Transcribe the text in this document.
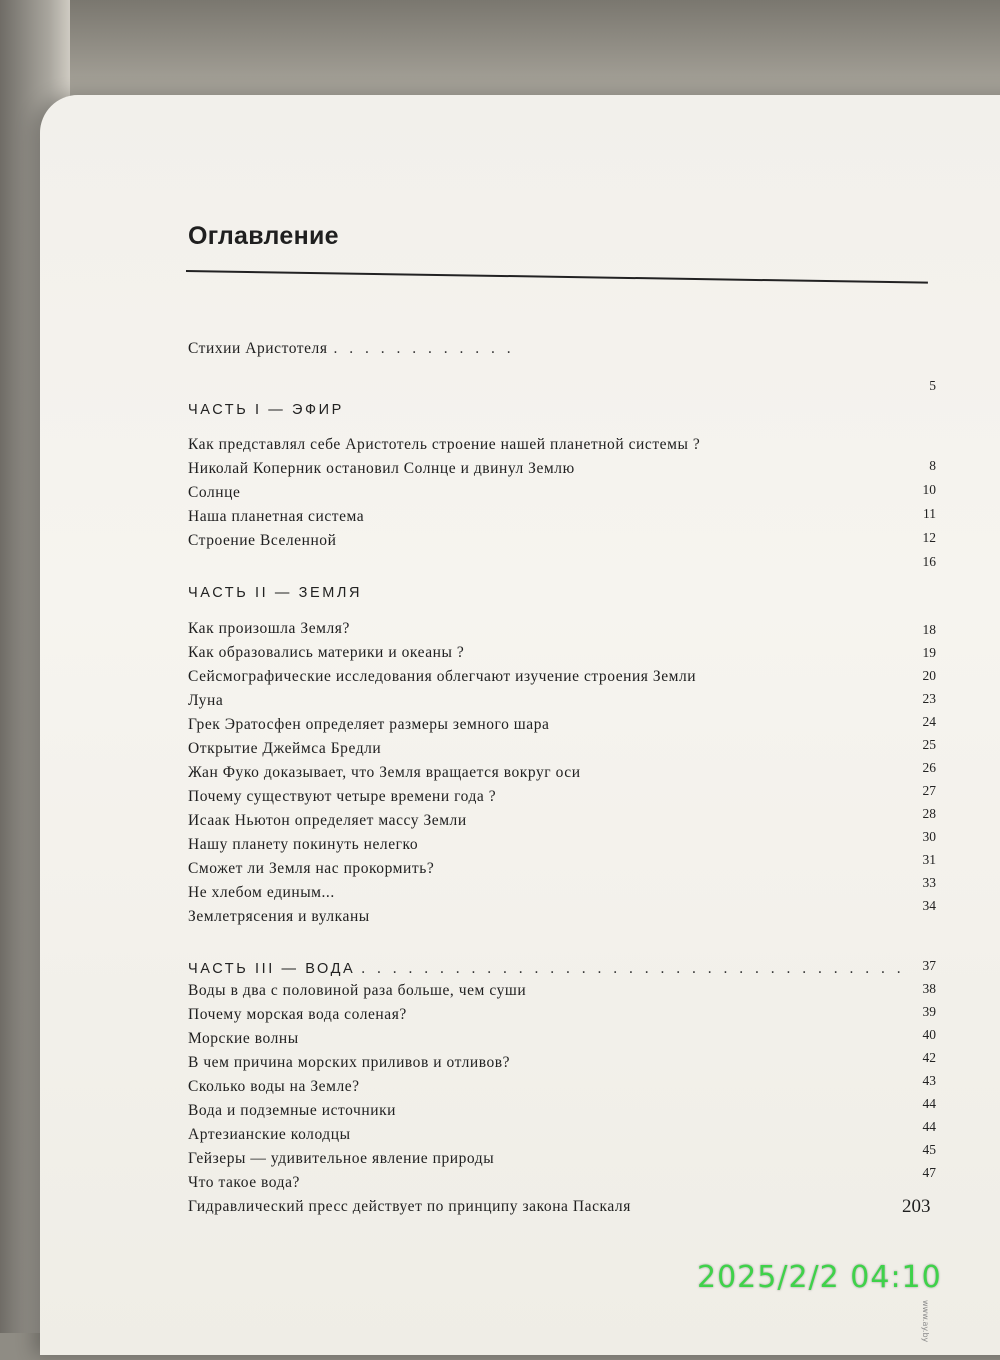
Оглавление
Стихии Аристотеля
. . .
5
ЧАСТЬ I — ЭФИР
Как представлял себе Аристотель строение нашей планетной системы ?
Николай Коперник остановил Солнце и двинул Землю
Солнце
Наша планетная система
Строение Вселенной
8
10
11
12
16
ЧАСТЬ II — ЗЕМЛЯ
Как произошла Земля?
Как образовались материки и океаны ?
Сейсмографические исследования облегчают изучение строения Земли
Луна
Грек Эратосфен определяет размеры земного шара
Открытие Джеймса Бредли
Жан Фуко доказывает, что Земля вращается вокруг оси
Почему существуют четыре времени года ?
Исаак Ньютон определяет массу Земли
Нашу планету покинуть нелегко
Сможет ли Земля нас прокормить?
Не хлебом единым...
Землетрясения и вулканы
18
19
20
23
24
25
26
27
28
30
31
33
34
ЧАСТЬ III — ВОДА
. . .
Воды в два с половиной раза больше, чем суши
Почему морская вода соленая?
Морские волны
В чем причина морских приливов и отливов?
Сколько воды на Земле?
Вода и подземные источники
Артезианские колодцы
Гейзеры — удивительное явление природы
Что такое вода?
Гидравлический пресс действует по принципу закона Паскаля
37
38
39
40
42
43
44
44
45
47
203
2025/2/2 04:10
www.ay.by
